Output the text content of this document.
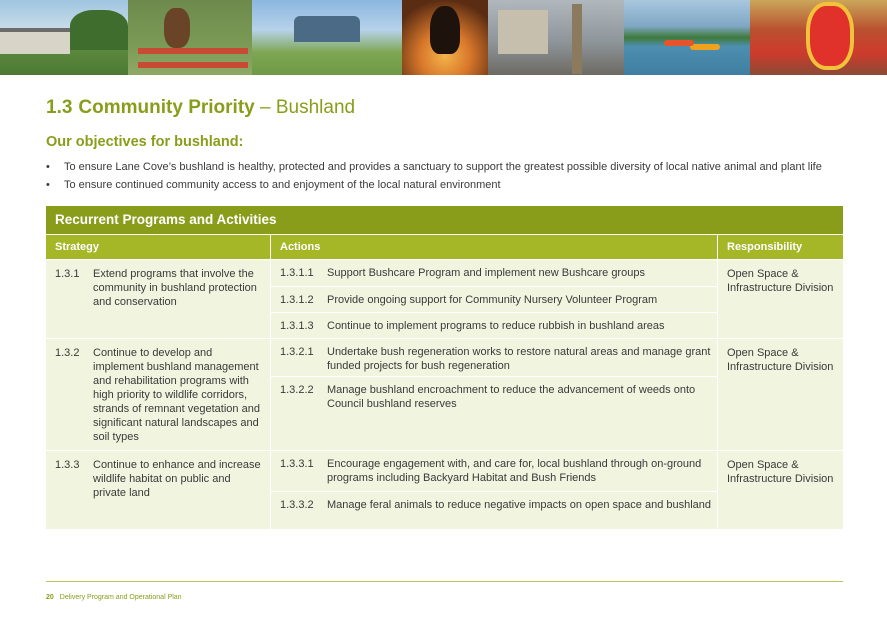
1.3 Community Priority – Bushland
Our objectives for bushland:
• To ensure Lane Cove’s bushland is healthy, protected and provides a sanctuary to support the greatest possible diversity of local native animal and plant life
• To ensure continued community access to and enjoyment of the local natural environment
Recurrent Programs and Activities
Strategy	Actions	Responsibility
1.3.1	Extend programs that involve the community in bushland protection and conservation
1.3.1.1	Support Bushcare Program and implement new Bushcare groups
1.3.1.2	Provide ongoing support for Community Nursery Volunteer Program
1.3.1.3	Continue to implement programs to reduce rubbish in bushland areas
Open Space & Infrastructure Division
1.3.2	Continue to develop and implement bushland management and rehabilitation programs with high priority to wildlife corridors, strands of remnant vegetation and significant natural landscapes and soil types
1.3.2.1	Undertake bush regeneration works to restore natural areas and manage grant funded projects for bush regeneration
1.3.2.2	Manage bushland encroachment to reduce the advancement of weeds onto Council bushland reserves
Open Space & Infrastructure Division
1.3.3	Continue to enhance and increase wildlife habitat on public and private land
1.3.3.1	Encourage engagement with, and care for, local bushland through on-ground programs including Backyard Habitat and Bush Friends
1.3.3.2	Manage feral animals to reduce negative impacts on open space and bushland
Open Space & Infrastructure Division
20 Delivery Program and Operational Plan
